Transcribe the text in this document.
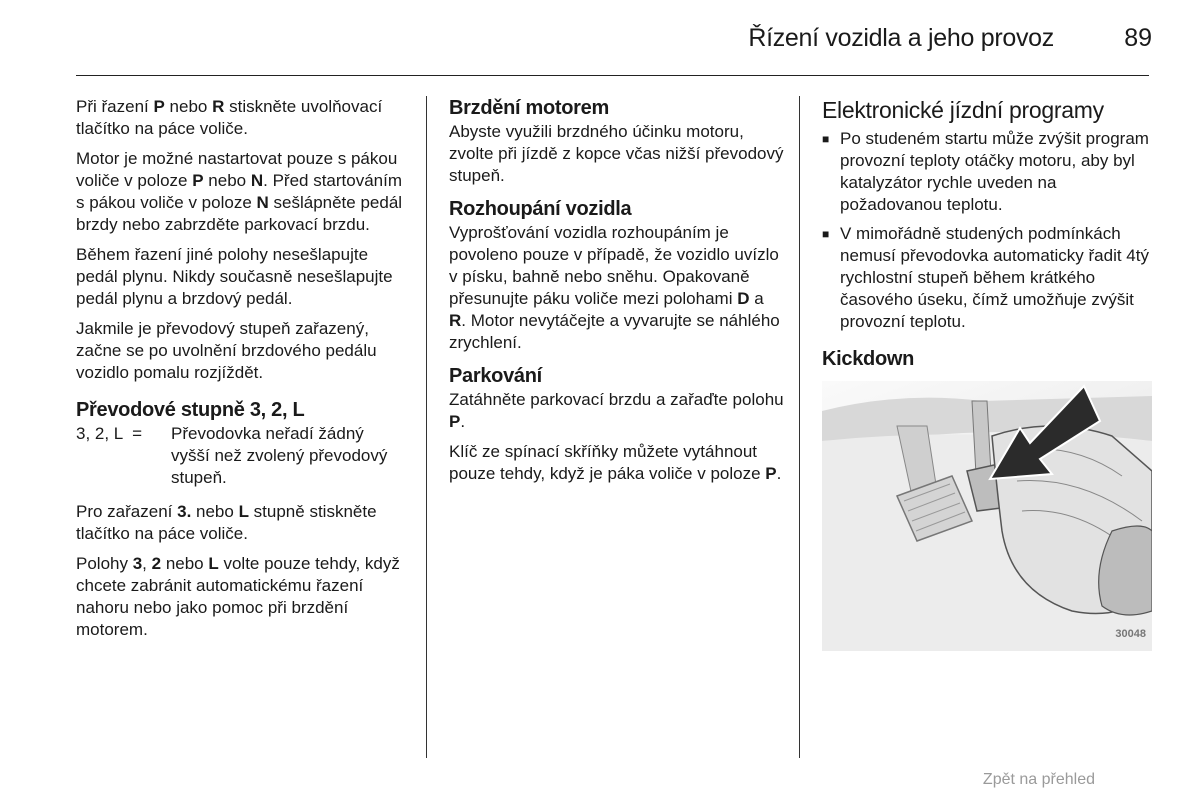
Řízení vozidla a jeho provoz	89

Při řazení P nebo R stiskněte uvolňovací tlačítko na páce voliče.

Motor je možné nastartovat pouze s pákou voliče v poloze P nebo N. Před startováním s pákou voliče v poloze N sešlápněte pedál brzdy nebo zabrzděte parkovací brzdu.

Během řazení jiné polohy nesešlapujte pedál plynu. Nikdy současně nesešlapujte pedál plynu a brzdový pedál.

Jakmile je převodový stupeň zařazený, začne se po uvolnění brzdového pedálu vozidlo pomalu rozjíždět.

Převodové stupně 3, 2, L
3, 2, L  =	Převodovka neřadí žádný vyšší než zvolený převodový stupeň.

Pro zařazení 3. nebo L stupně stiskněte tlačítko na páce voliče.

Polohy 3, 2 nebo L volte pouze tehdy, když chcete zabránit automatickému řazení nahoru nebo jako pomoc při brzdění motorem.

Brzdění motorem

Abyste využili brzdného účinku motoru, zvolte při jízdě z kopce včas nižší převodový stupeň.

Rozhoupání vozidla

Vyprošťování vozidla rozhoupáním je povoleno pouze v případě, že vozidlo uvízlo v písku, bahně nebo sněhu. Opakovaně přesunujte páku voliče mezi polohami D a R. Motor nevytáčejte a vyvarujte se náhlého zrychlení.

Parkování

Zatáhněte parkovací brzdu a zařaďte polohu P.

Klíč ze spínací skříňky můžete vytáhnout pouze tehdy, když je páka voliče v poloze P.

Elektronické jízdní programy
■ Po studeném startu může zvýšit program provozní teploty otáčky motoru, aby byl katalyzátor rychle uveden na požadovanou teplotu.
■ V mimořádně studených podmínkách nemusí převodovka automaticky řadit 4tý rychlostní stupeň během krátkého časového úseku, čímž umožňuje zvýšit provozní teplotu.
Kickdown
30048
Zpět na přehled
